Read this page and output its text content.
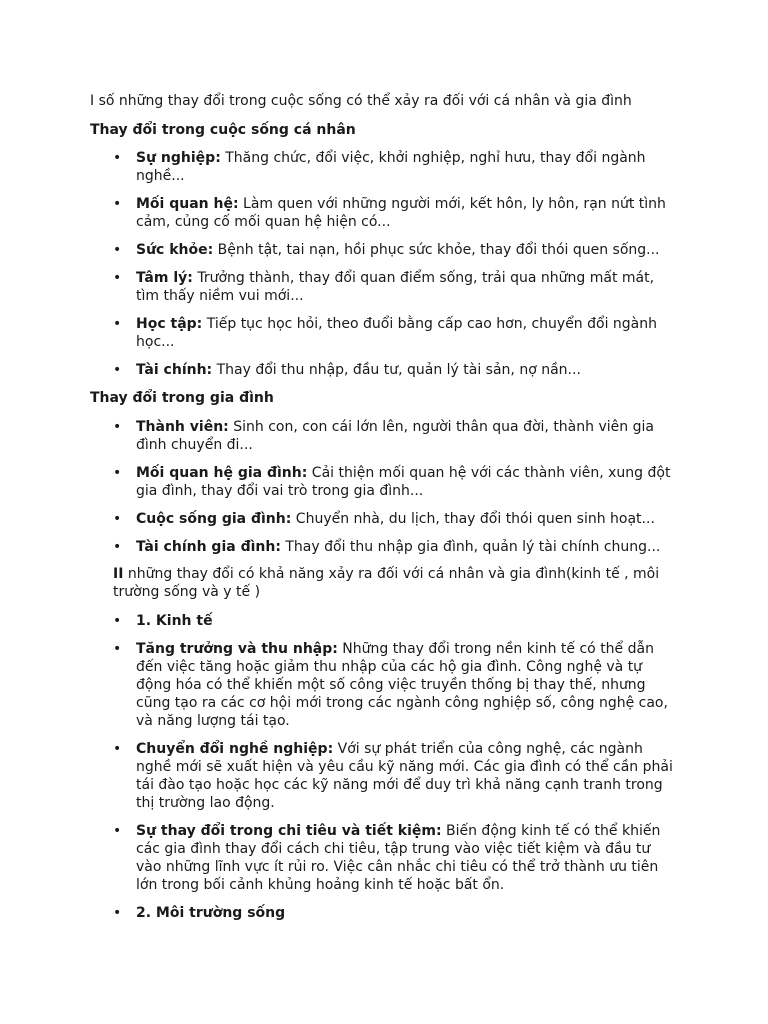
I số những thay đổi trong cuộc sống có thể xảy ra đối với cá nhân và gia đình
Thay đổi trong cuộc sống cá nhân
• Sự nghiệp: Thăng chức, đổi việc, khởi nghiệp, nghỉ hưu, thay đổi ngành nghề...
• Mối quan hệ: Làm quen với những người mới, kết hôn, ly hôn, rạn nứt tình cảm, củng cố mối quan hệ hiện có...
• Sức khỏe: Bệnh tật, tai nạn, hồi phục sức khỏe, thay đổi thói quen sống...
• Tâm lý: Trưởng thành, thay đổi quan điểm sống, trải qua những mất mát, tìm thấy niềm vui mới...
• Học tập: Tiếp tục học hỏi, theo đuổi bằng cấp cao hơn, chuyển đổi ngành học...
• Tài chính: Thay đổi thu nhập, đầu tư, quản lý tài sản, nợ nần...
Thay đổi trong gia đình
• Thành viên: Sinh con, con cái lớn lên, người thân qua đời, thành viên gia đình chuyển đi...
• Mối quan hệ gia đình: Cải thiện mối quan hệ với các thành viên, xung đột gia đình, thay đổi vai trò trong gia đình...
• Cuộc sống gia đình: Chuyển nhà, du lịch, thay đổi thói quen sinh hoạt...
• Tài chính gia đình: Thay đổi thu nhập gia đình, quản lý tài chính chung...
II những thay đổi có khả năng xảy ra đối với cá nhân và gia đình(kinh tế , môi trường sống và y tế )
• 1. Kinh tế
• Tăng trưởng và thu nhập: Những thay đổi trong nền kinh tế có thể dẫn đến việc tăng hoặc giảm thu nhập của các hộ gia đình. Công nghệ và tự động hóa có thể khiến một số công việc truyền thống bị thay thế, nhưng cũng tạo ra các cơ hội mới trong các ngành công nghiệp số, công nghệ cao, và năng lượng tái tạo.
• Chuyển đổi nghề nghiệp: Với sự phát triển của công nghệ, các ngành nghề mới sẽ xuất hiện và yêu cầu kỹ năng mới. Các gia đình có thể cần phải tái đào tạo hoặc học các kỹ năng mới để duy trì khả năng cạnh tranh trong thị trường lao động.
• Sự thay đổi trong chi tiêu và tiết kiệm: Biến động kinh tế có thể khiến các gia đình thay đổi cách chi tiêu, tập trung vào việc tiết kiệm và đầu tư vào những lĩnh vực ít rủi ro. Việc cân nhắc chi tiêu có thể trở thành ưu tiên lớn trong bối cảnh khủng hoảng kinh tế hoặc bất ổn.
• 2. Môi trường sống
